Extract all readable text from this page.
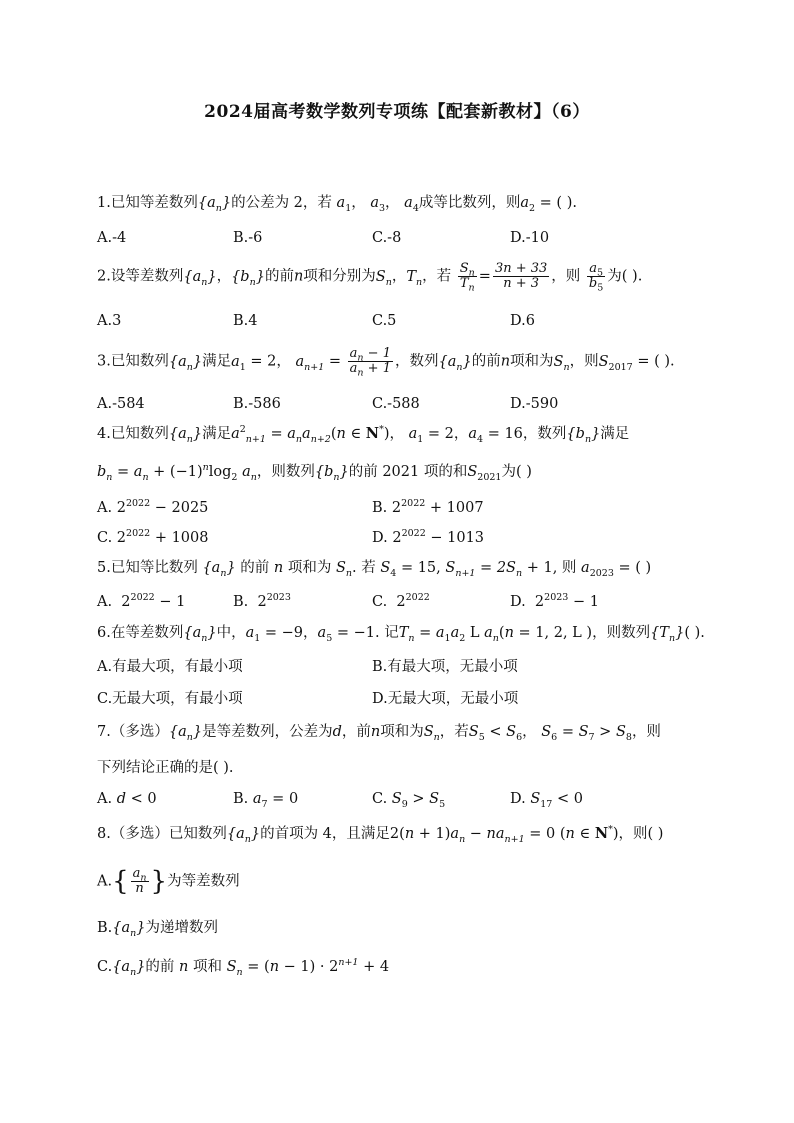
2024届高考数学数列专项练【配套新教材】（6）
1.已知等差数列$\{a_n\}$的公差为 2，若 $a_1$， $a_3$， $a_4$成等比数列，则$a_2$ = ( ).
A.-4	B.-6	C.-8	D.-10
2.设等差数列$\{a_n\}$，$\{b_n\}$的前n项和分别为$S_n$，$T_n$，若 $\frac{S_n}{T_n} = \frac{3n + 33}{n + 3}$ ，则 $\frac{a_5}{b_5}$ 为( ).
A.3	B.4	C.5	D.6
3.已知数列$\{a_n\}$满足$a_1 = 2$， $a_{n+1} = \frac{a_n - 1}{a_n + 1}$ ，数列$\{a_n\}$的前n项和为$S_n$，则$S_{2017}$ = ( ).
A.-584	B.-586	C.-588	D.-590
4.已知数列$\{a_n\}$满足$a^2_{n+1} = a_na_{n+2}(n$ ∈ N*)， $a_1 = 2$，$a_4 = 16$，数列$\{b_n\}$满足
$b_n = a_n + (-1)^n\log_2$ $a_n$，则数列$\{b_n\}$的前 2021 项的和$S_{2021}$为( )
A. $2^{2022} - 2025$	B. $2^{2022} + 1007$
C. $2^{2022} + 1008$	D. $2^{2022} - 1013$
5.已知等比数列 $\{a_n\}$ 的前 n 项和为 $S_n$. 若 $S_4 = 15$, $S_{n+1} = 2S_n + 1$, 则 $a_{2023}$ = ( )
A.  $2^{2022} - 1$	B.  $2^{2023}$	C.  $2^{2022}$	D.  $2^{2023} - 1$
6.在等差数列$\{a_n\}$中，$a_1 = -9$，$a_5 = -1$. 记$T_n = a_1a_2$ L $a_n(n = 1$, 2, L )，则数列$\{T_n\}$( ).
A.有最大项，有最小项	B.有最大项，无最小项
C.无最大项，有最小项	D.无最大项，无最小项
7.（多选）$\{a_n\}$是等差数列，公差为d，前n项和为$S_n$，若$S_5 < S_6$， $S_6 = S_7 > S_8$，则
下列结论正确的是( ).
A. d < 0	B. $a_7 = 0$	C. $S_9 > S_5$	D. $S_{17} < 0$
8.（多选）已知数列$\{a_n\}$的首项为 4，且满足$2(n + 1)a_n - na_{n+1} = 0$ (n ∈ N*)，则( )
$A.\{ \frac{a_n}{n}$ }为等差数列
$B.\{a_n\}$为递增数列
$C.\{a_n\}$的前 n 项和 $S_n = (n - 1) \cdot 2^{n+1} + 4$
